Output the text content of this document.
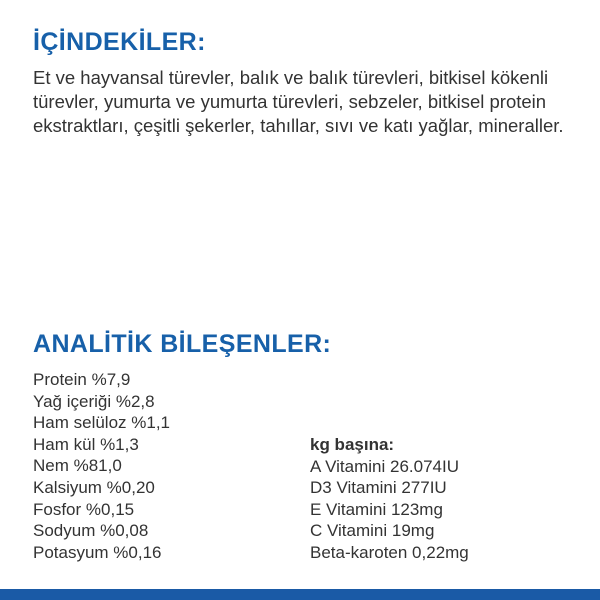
İÇİNDEKİLER:

Et ve hayvansal türevler, balık ve balık türevleri, bitkisel kökenli türevler, yumurta ve yumurta türevleri, sebzeler, bitkisel protein ekstraktları, çeşitli şekerler, tahıllar, sıvı ve katı yağlar, mineraller.

ANALİTİK BİLEŞENLER:
Protein %7,9
Yağ içeriği %2,8
Ham selüloz %1,1
Ham kül %1,3
Nem %81,0
Kalsiyum %0,20
Fosfor %0,15
Sodyum %0,08
Potasyum %0,16
kg başına:
A Vitamini 26.074IU
D3 Vitamini 277IU
E Vitamini 123mg
C Vitamini 19mg
Beta-karoten 0,22mg
